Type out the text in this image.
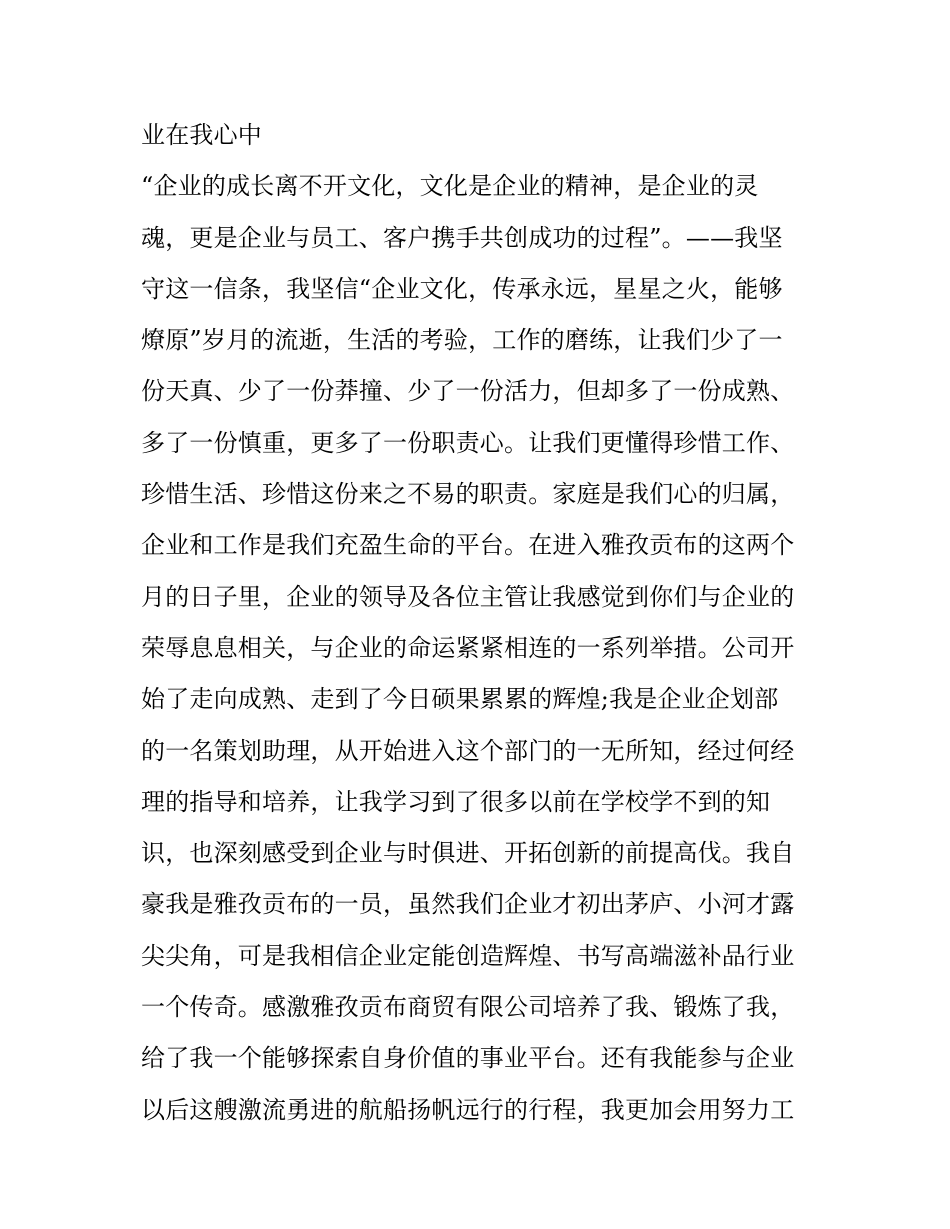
业在我心中
“企业的成长离不开文化，文化是企业的精神，是企业的灵
魂，更是企业与员工、客户携手共创成功的过程”。——我坚
守这一信条，我坚信“企业文化，传承永远，星星之火，能够
燎原”岁月的流逝，生活的考验，工作的磨练，让我们少了一
份天真、少了一份莽撞、少了一份活力，但却多了一份成熟、
多了一份慎重，更多了一份职责心。让我们更懂得珍惜工作、
珍惜生活、珍惜这份来之不易的职责。家庭是我们心的归属，
企业和工作是我们充盈生命的平台。在进入雅孜贡布的这两个
月的日子里，企业的领导及各位主管让我感觉到你们与企业的
荣辱息息相关，与企业的命运紧紧相连的一系列举措。公司开
始了走向成熟、走到了今日硕果累累的辉煌;我是企业企划部
的一名策划助理，从开始进入这个部门的一无所知，经过何经
理的指导和培养，让我学习到了很多以前在学校学不到的知
识，也深刻感受到企业与时俱进、开拓创新的前提高伐。我自
豪我是雅孜贡布的一员，虽然我们企业才初出茅庐、小河才露
尖尖角，可是我相信企业定能创造辉煌、书写高端滋补品行业
一个传奇。感激雅孜贡布商贸有限公司培养了我、锻炼了我，
给了我一个能够探索自身价值的事业平台。还有我能参与企业
以后这艘激流勇进的航船扬帆远行的行程，我更加会用努力工
